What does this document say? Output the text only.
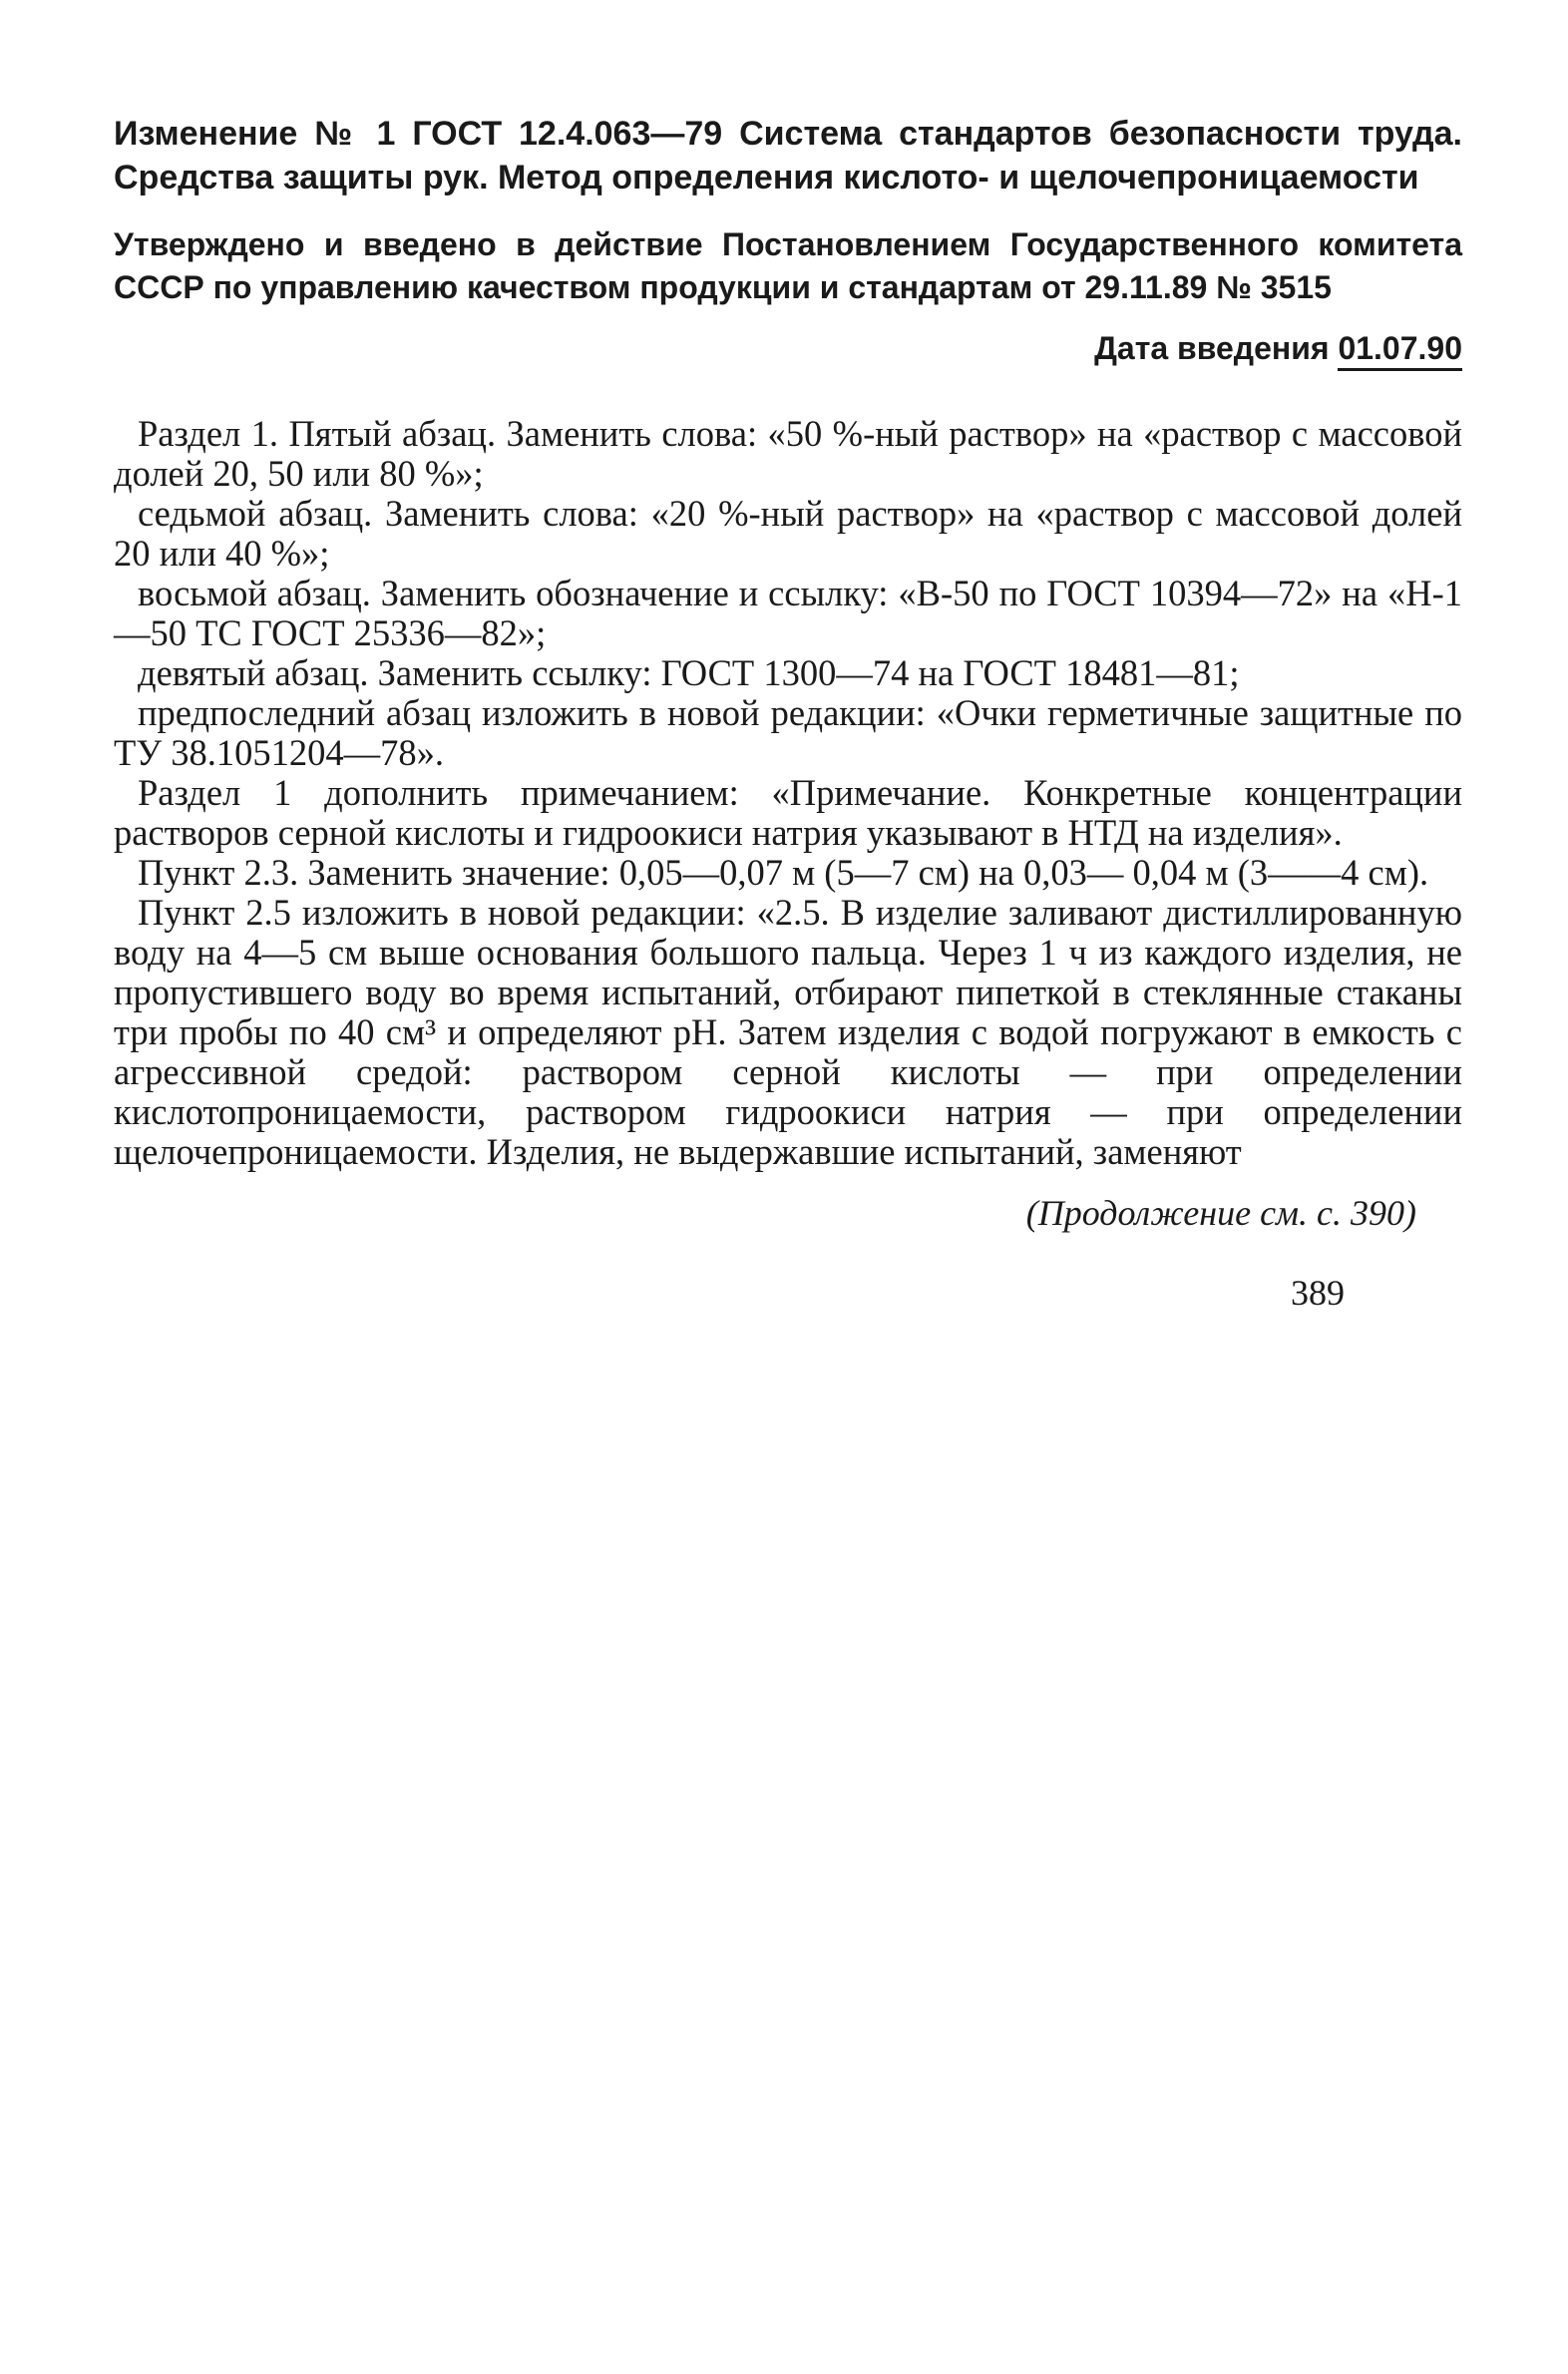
Изменение № 1 ГОСТ 12.4.063—79 Система стандартов безопасности труда. Средства защиты рук. Метод определения кислото- и щелочепроницаемости

Утверждено и введено в действие Постановлением Государственного комитета СССР по управлению качеством продукции и стандартам от 29.11.89 № 3515

Дата введения 01.07.90

Раздел 1. Пятый абзац. Заменить слова: «50 %-ный раствор» на «раствор с массовой долей 20, 50 или 80 %»;

седьмой абзац. Заменить слова: «20 %-ный раствор» на «раствор с массовой долей 20 или 40 %»;

восьмой абзац. Заменить обозначение и ссылку: «В-50 по ГОСТ 10394—72» на «Н-1—50 ТС ГОСТ 25336—82»;

девятый абзац. Заменить ссылку: ГОСТ 1300—74 на ГОСТ 18481—81;

предпоследний абзац изложить в новой редакции: «Очки герметичные защитные по ТУ 38.1051204—78».

Раздел 1 дополнить примечанием: «Примечание. Конкретные концентрации растворов серной кислоты и гидроокиси натрия указывают в НТД на изделия».

Пункт 2.3. Заменить значение: 0,05—0,07 м (5—7 см) на 0,03— 0,04 м (3——4 см).

Пункт 2.5 изложить в новой редакции: «2.5. В изделие заливают дистиллированную воду на 4—5 см выше основания большого пальца. Через 1 ч из каждого изделия, не пропустившего воду во время испытаний, отбирают пипеткой в стеклянные стаканы три пробы по 40 см³ и определяют pH. Затем изделия с водой погружают в емкость с агрессивной средой: раствором серной кислоты — при определении кислотопроницаемости, раствором гидроокиси натрия — при определении щелочепроницаемости. Изделия, не выдержавшие испытаний, заменяют

(Продолжение см. с. 390)
389
